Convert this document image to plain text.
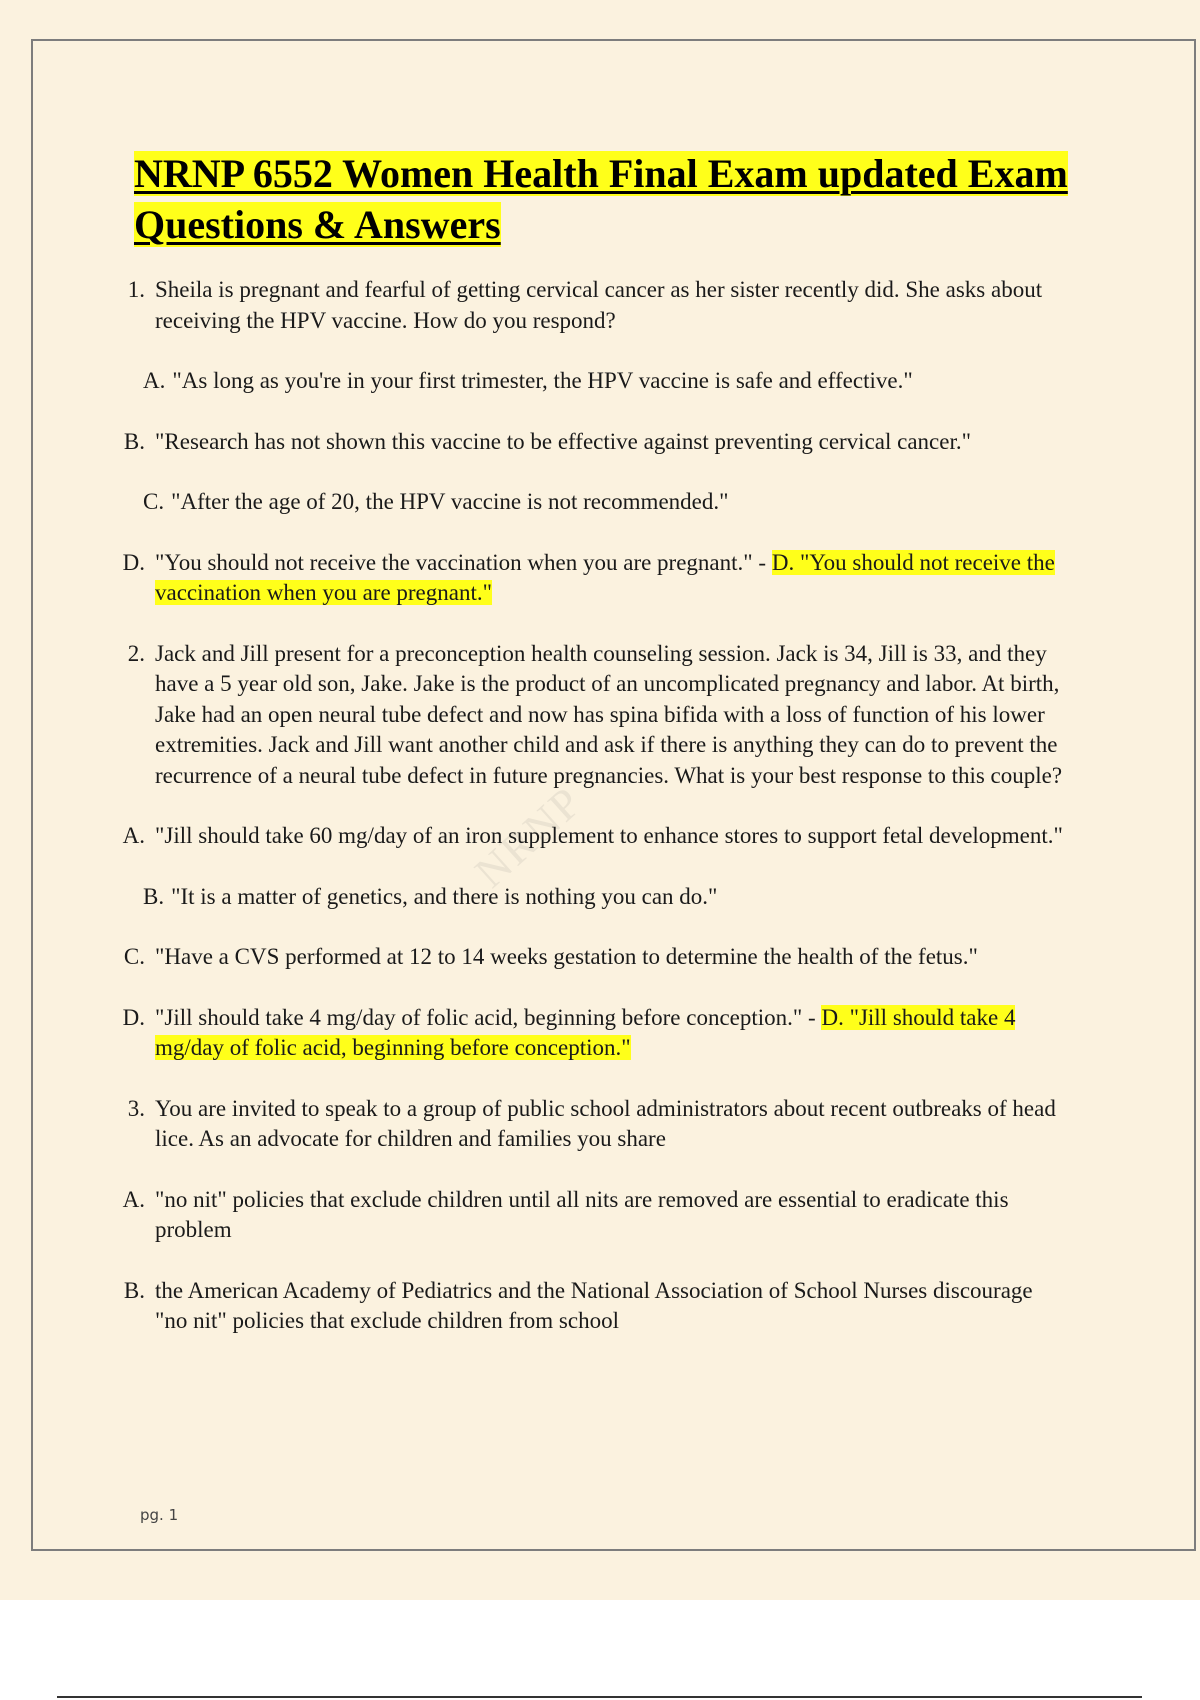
NRNP 6552 Women Health Final Exam updated Exam Questions & Answers
NRNP
1. Sheila is pregnant and fearful of getting cervical cancer as her sister recently did. She asks about receiving the HPV vaccine. How do you respond?
A. "As long as you're in your first trimester, the HPV vaccine is safe and effective."
B. "Research has not shown this vaccine to be effective against preventing cervical cancer."
C. "After the age of 20, the HPV vaccine is not recommended."
D. "You should not receive the vaccination when you are pregnant." - D. "You should not receive the vaccination when you are pregnant."
2. Jack and Jill present for a preconception health counseling session. Jack is 34, Jill is 33, and they have a 5 year old son, Jake. Jake is the product of an uncomplicated pregnancy and labor. At birth, Jake had an open neural tube defect and now has spina bifida with a loss of function of his lower extremities. Jack and Jill want another child and ask if there is anything they can do to prevent the recurrence of a neural tube defect in future pregnancies. What is your best response to this couple?
A. "Jill should take 60 mg/day of an iron supplement to enhance stores to support fetal development."
B. "It is a matter of genetics, and there is nothing you can do."
C. "Have a CVS performed at 12 to 14 weeks gestation to determine the health of the fetus."
D. "Jill should take 4 mg/day of folic acid, beginning before conception." - D. "Jill should take 4 mg/day of folic acid, beginning before conception."
3. You are invited to speak to a group of public school administrators about recent outbreaks of head lice. As an advocate for children and families you share
A. "no nit" policies that exclude children until all nits are removed are essential to eradicate this problem
B. the American Academy of Pediatrics and the National Association of School Nurses discourage "no nit" policies that exclude children from school
pg. 1
